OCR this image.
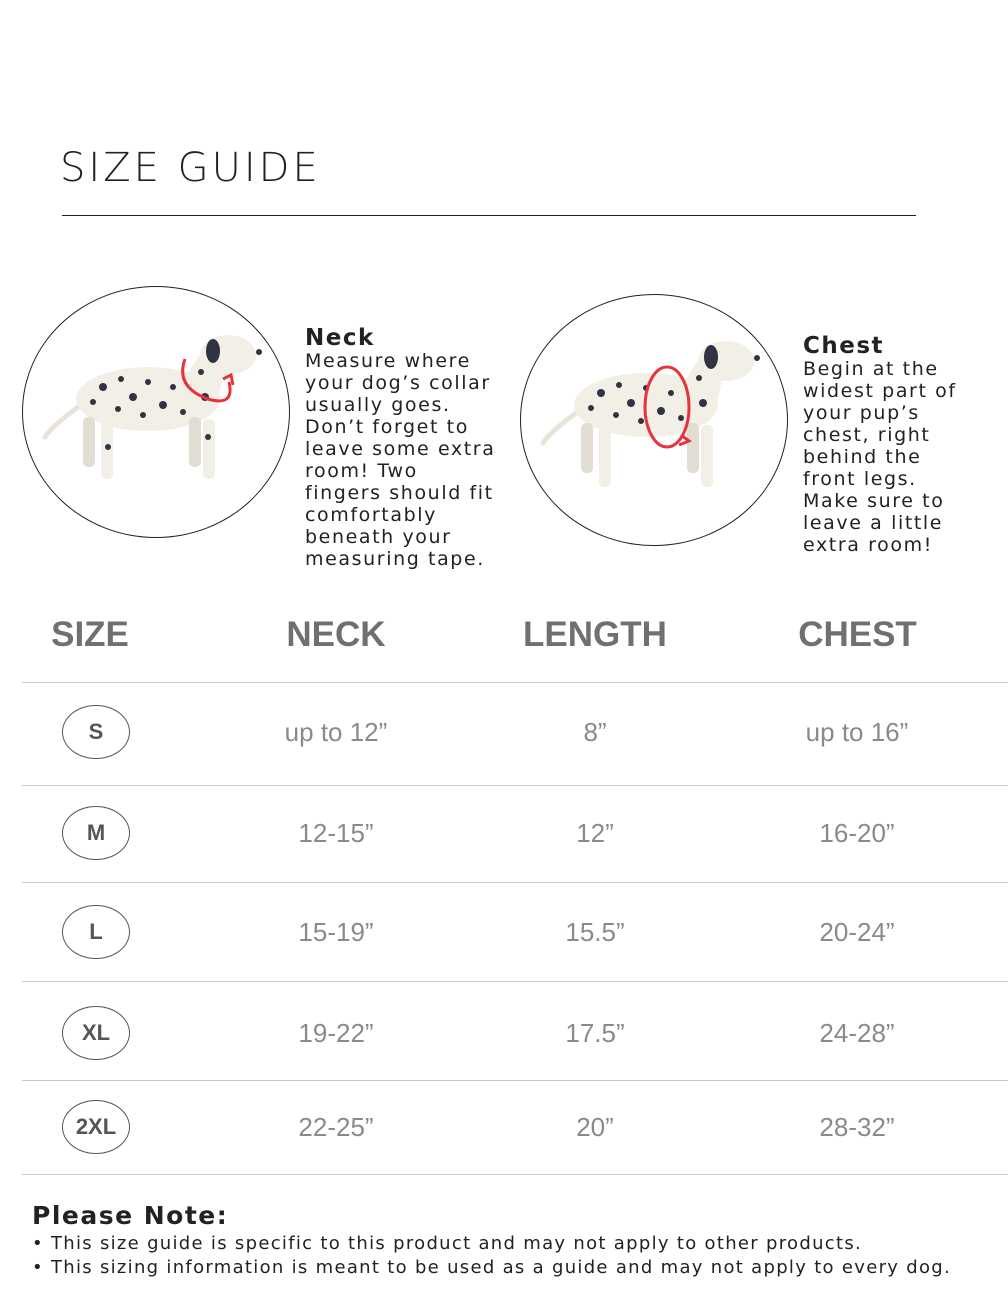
SIZE GUIDE
Neck
Measure where
your dog’s collar
usually goes.
Don’t forget to
leave some extra
room! Two
fingers should fit
comfortably
beneath your
measuring tape.
Chest
Begin at the
widest part of
your pup’s
chest, right
behind the
front legs.
Make sure to
leave a little
extra room!
SIZE	NECK	LENGTH	CHEST
S	up to 12”	8”	up to 16”
M	12-15”	12”	16-20”
L	15-19”	15.5”	20-24”
XL	19-22”	17.5”	24-28”
2XL	22-25”	20”	28-32”
Please Note:
• This size guide is specific to this product and may not apply to other products.
• This sizing information is meant to be used as a guide and may not apply to every dog.
